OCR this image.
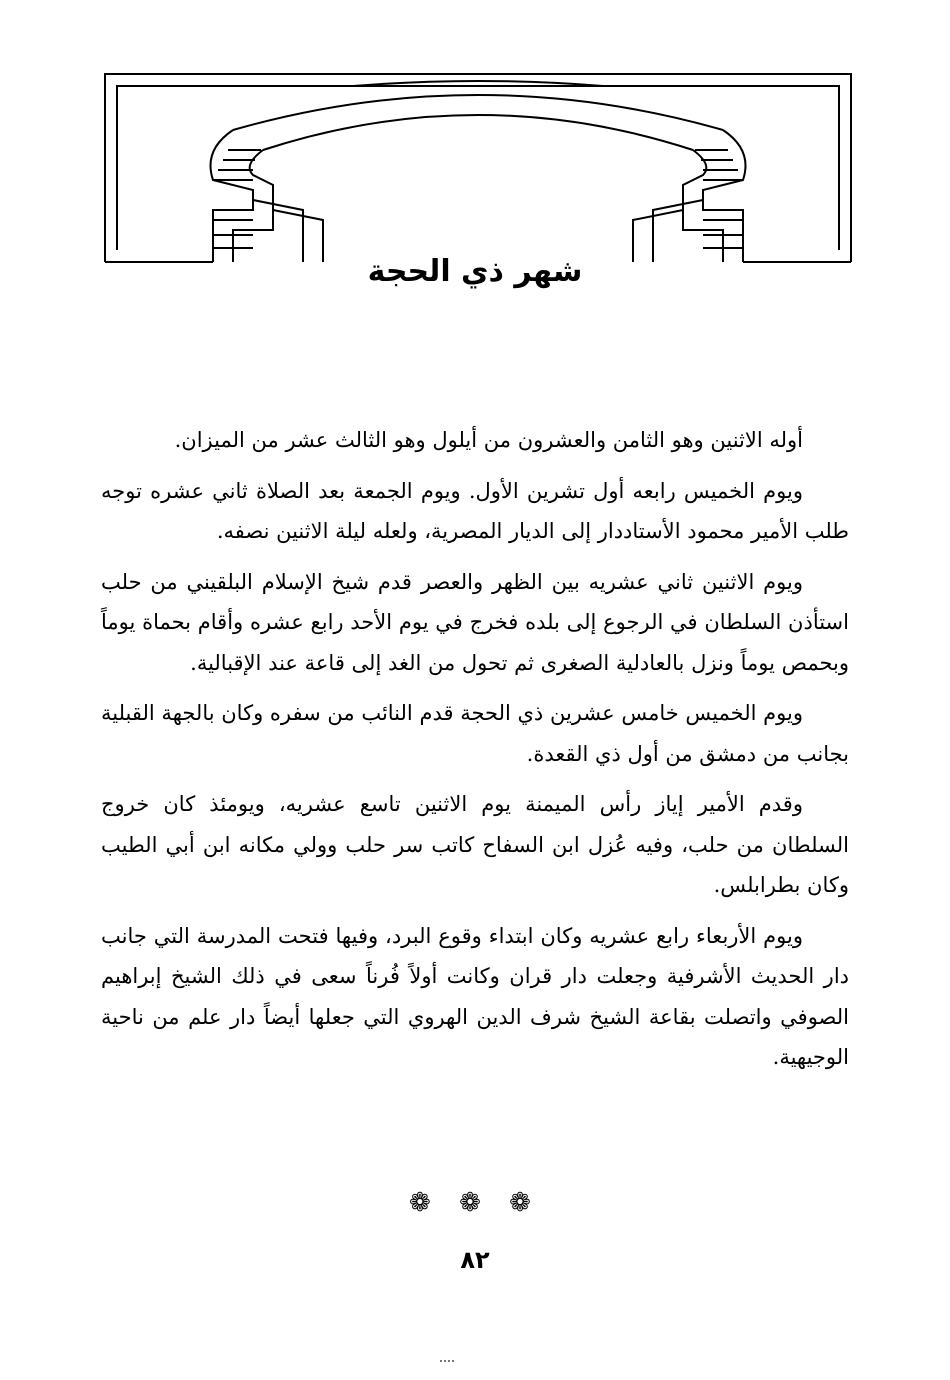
شهر ذي الحجة

أوله الاثنين وهو الثامن والعشرون من أيلول وهو الثالث عشر من الميزان.

ويوم الخميس رابعه أول تشرين الأول. ويوم الجمعة بعد الصلاة ثاني عشره توجه طلب الأمير محمود الأستاددار إلى الديار المصرية، ولعله ليلة الاثنين نصفه.

ويوم الاثنين ثاني عشريه بين الظهر والعصر قدم شيخ الإسلام البلقيني من حلب استأذن السلطان في الرجوع إلى بلده فخرج في يوم الأحد رابع عشره وأقام بحماة يوماً وبحمص يوماً ونزل بالعادلية الصغرى ثم تحول من الغد إلى قاعة عند الإقبالية.

ويوم الخميس خامس عشرين ذي الحجة قدم النائب من سفره وكان بالجهة القبلية بجانب من دمشق من أول ذي القعدة.

وقدم الأمير إياز رأس الميمنة يوم الاثنين تاسع عشريه، ويومئذ كان خروج السلطان من حلب، وفيه عُزل ابن السفاح كاتب سر حلب وولي مكانه ابن أبي الطيب وكان بطرابلس.

ويوم الأربعاء رابع عشريه وكان ابتداء وقوع البرد، وفيها فتحت المدرسة التي جانب دار الحديث الأشرفية وجعلت دار قران وكانت أولاً فُرناً سعى في ذلك الشيخ إبراهيم الصوفي واتصلت بقاعة الشيخ شرف الدين الهروي التي جعلها أيضاً دار علم من ناحية الوجيهية.

❁ ❁ ❁
٨٢
